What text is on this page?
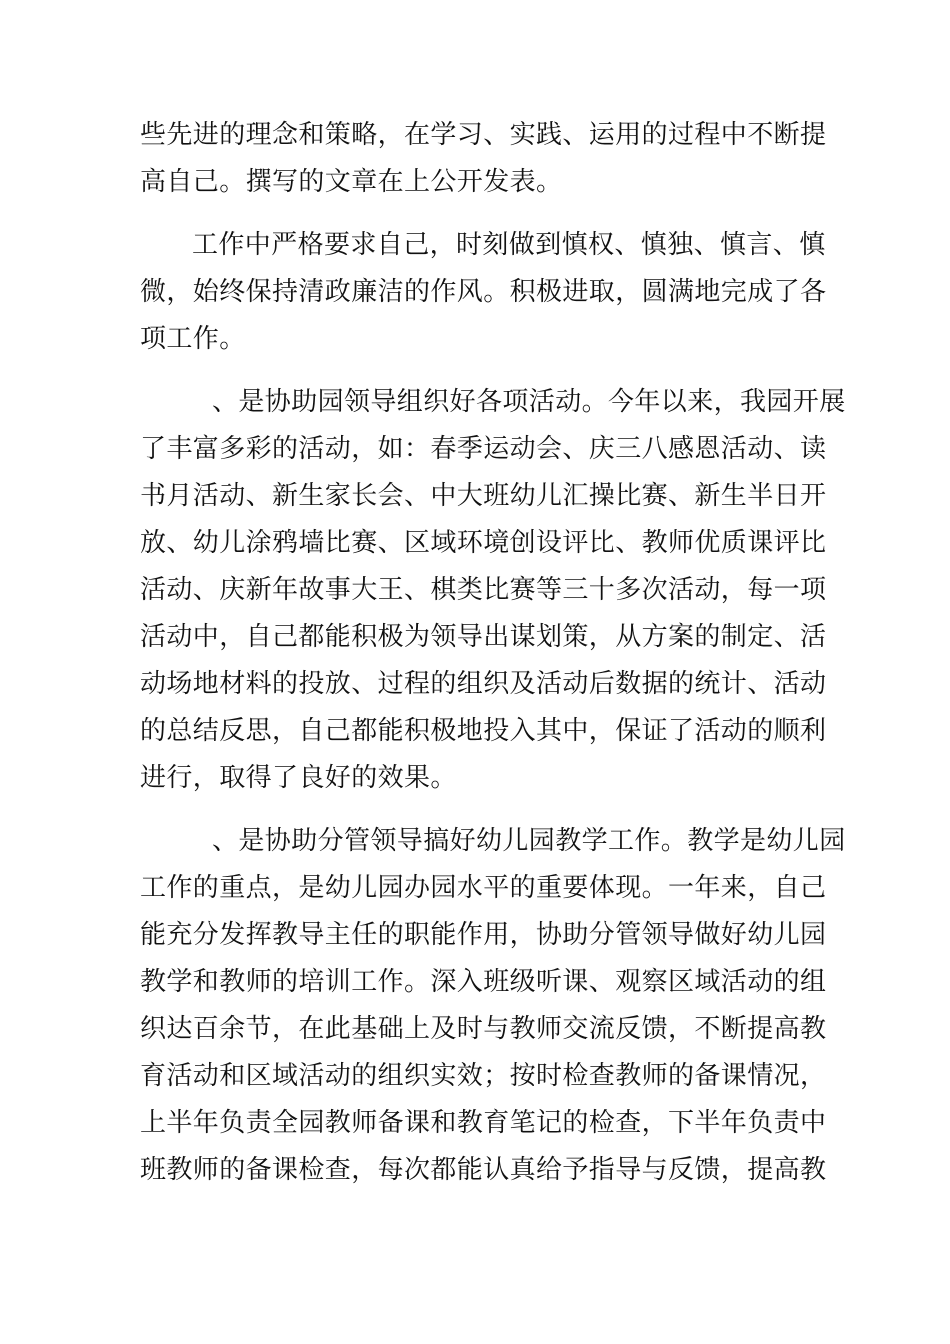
些先进的理念和策略，在学习、实践、运用的过程中不断提
高自己。撰写的文章在上公开发表。
工作中严格要求自己，时刻做到慎权、慎独、慎言、慎
微，始终保持清政廉洁的作风。积极进取，圆满地完成了各
项工作。
、是协助园领导组织好各项活动。今年以来，我园开展
了丰富多彩的活动，如：春季运动会、庆三八感恩活动、读
书月活动、新生家长会、中大班幼儿汇操比赛、新生半日开
放、幼儿涂鸦墙比赛、区域环境创设评比、教师优质课评比
活动、庆新年故事大王、棋类比赛等三十多次活动，每一项
活动中，自己都能积极为领导出谋划策，从方案的制定、活
动场地材料的投放、过程的组织及活动后数据的统计、活动
的总结反思，自己都能积极地投入其中，保证了活动的顺利
进行，取得了良好的效果。
、是协助分管领导搞好幼儿园教学工作。教学是幼儿园
工作的重点，是幼儿园办园水平的重要体现。一年来，自己
能充分发挥教导主任的职能作用，协助分管领导做好幼儿园
教学和教师的培训工作。深入班级听课、观察区域活动的组
织达百余节，在此基础上及时与教师交流反馈，不断提高教
育活动和区域活动的组织实效；按时检查教师的备课情况，
上半年负责全园教师备课和教育笔记的检查，下半年负责中
班教师的备课检查，每次都能认真给予指导与反馈，提高教
